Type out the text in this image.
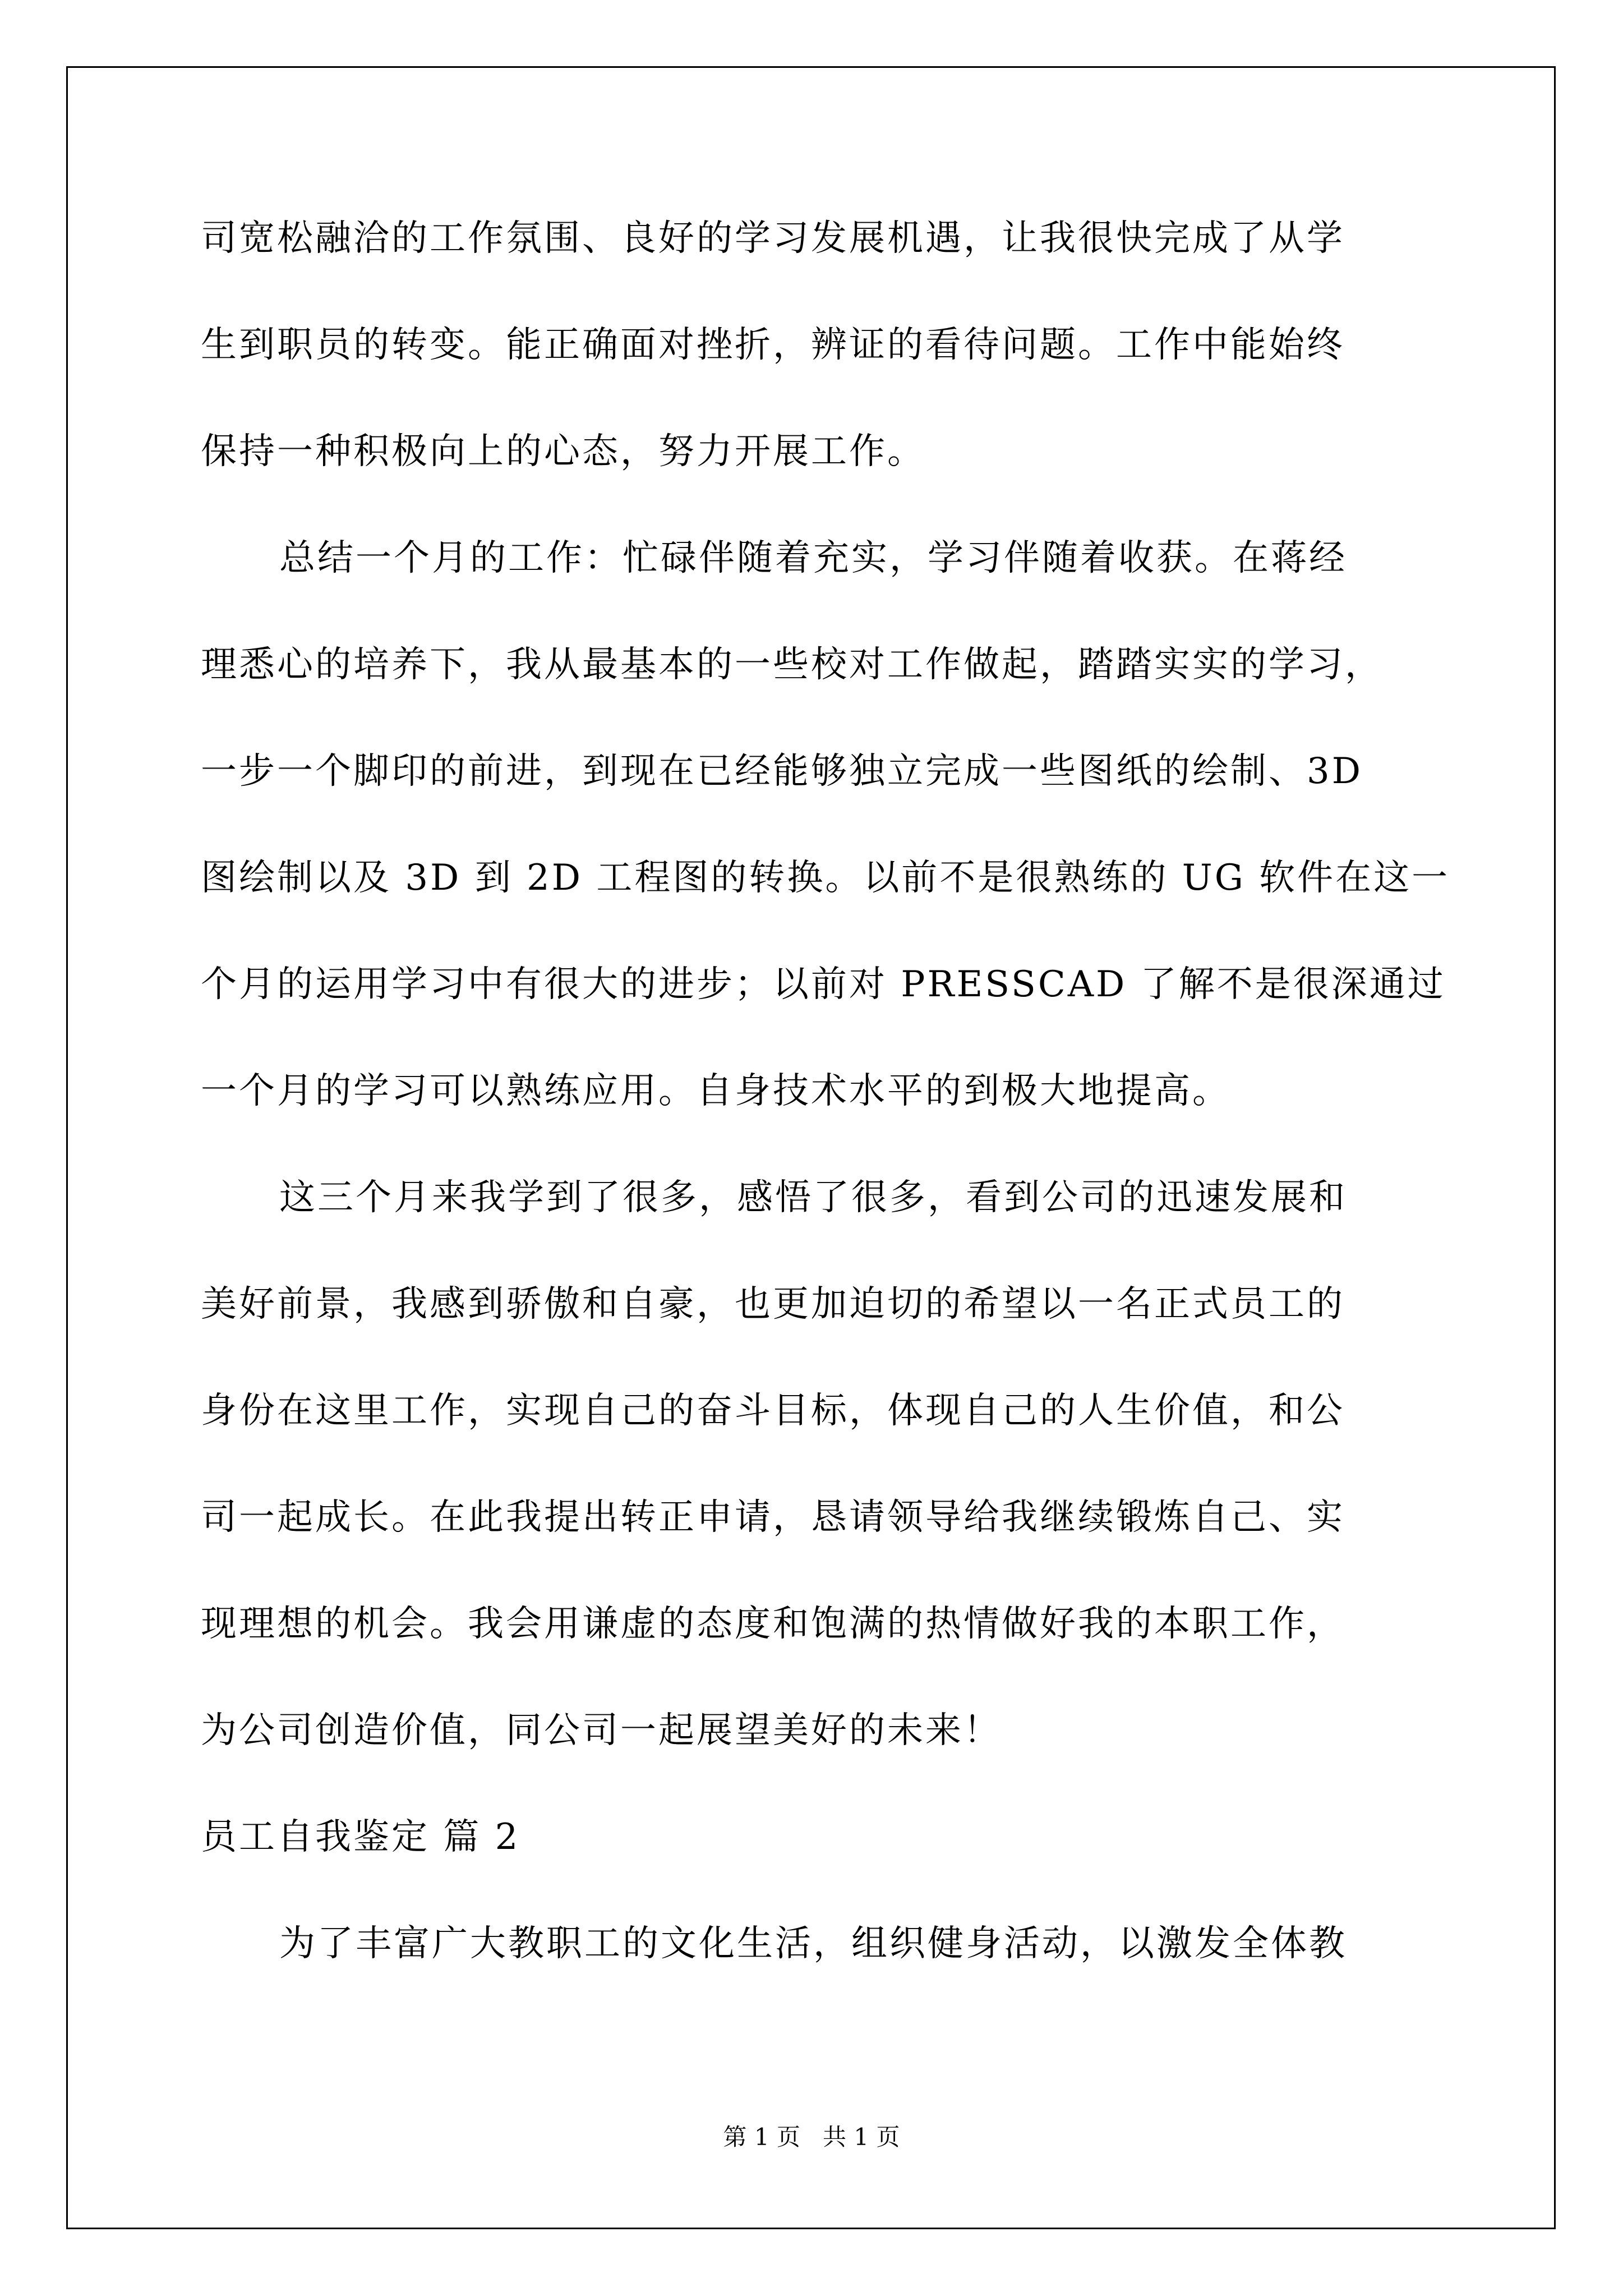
司宽松融洽的工作氛围、良好的学习发展机遇，让我很快完成了从学
生到职员的转变。能正确面对挫折，辨证的看待问题。工作中能始终
保持一种积极向上的心态，努力开展工作。
总结一个月的工作：忙碌伴随着充实，学习伴随着收获。在蒋经
理悉心的培养下，我从最基本的一些校对工作做起，踏踏实实的学习，
一步一个脚印的前进，到现在已经能够独立完成一些图纸的绘制、3D
图绘制以及 3D 到 2D 工程图的转换。以前不是很熟练的 UG 软件在这一
个月的运用学习中有很大的进步；以前对 PRESSCAD 了解不是很深通过
一个月的学习可以熟练应用。自身技术水平的到极大地提高。
这三个月来我学到了很多，感悟了很多，看到公司的迅速发展和
美好前景，我感到骄傲和自豪，也更加迫切的希望以一名正式员工的
身份在这里工作，实现自己的奋斗目标，体现自己的人生价值，和公
司一起成长。在此我提出转正申请，恳请领导给我继续锻炼自己、实
现理想的机会。我会用谦虚的态度和饱满的热情做好我的本职工作，
为公司创造价值，同公司一起展望美好的未来！
员工自我鉴定 篇 2
为了丰富广大教职工的文化生活，组织健身活动，以激发全体教
第 1 页   共 1 页
